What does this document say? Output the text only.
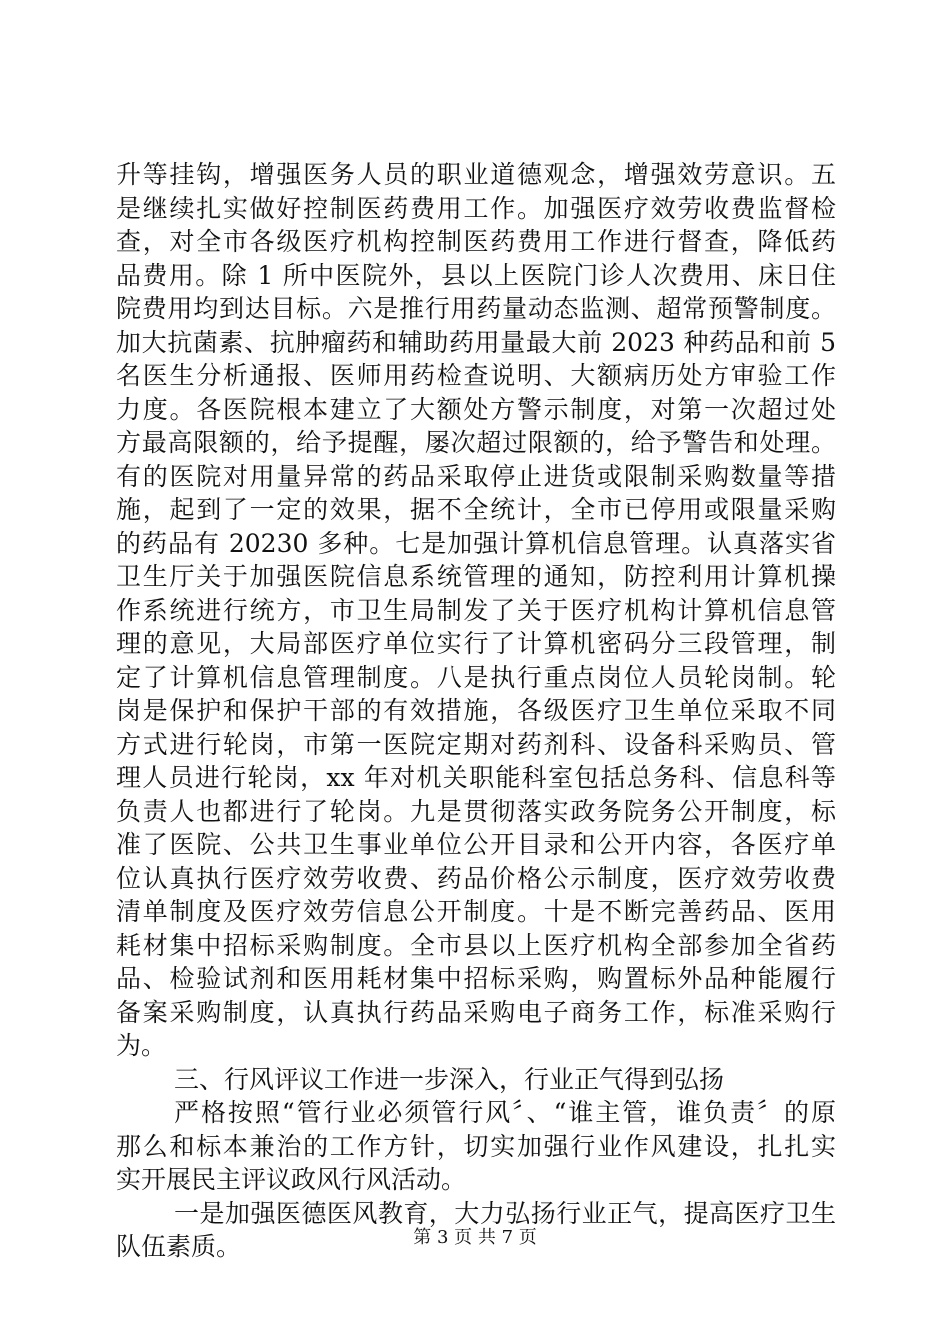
升等挂钩，增强医务人员的职业道德观念，增强效劳意识。五
是继续扎实做好控制医药费用工作。加强医疗效劳收费监督检
查，对全市各级医疗机构控制医药费用工作进行督查，降低药
品费用。除 1 所中医院外，县以上医院门诊人次费用、床日住
院费用均到达目标。六是推行用药量动态监测、超常预警制度。
加大抗菌素、抗肿瘤药和辅助药用量最大前 2023 种药品和前 5
名医生分析通报、医师用药检查说明、大额病历处方审验工作
力度。各医院根本建立了大额处方警示制度，对第一次超过处
方最高限额的，给予提醒，屡次超过限额的，给予警告和处理。
有的医院对用量异常的药品采取停止进货或限制采购数量等措
施，起到了一定的效果，据不全统计，全市已停用或限量采购
的药品有 20230 多种。七是加强计算机信息管理。认真落实省
卫生厅关于加强医院信息系统管理的通知，防控利用计算机操
作系统进行统方，市卫生局制发了关于医疗机构计算机信息管
理的意见，大局部医疗单位实行了计算机密码分三段管理，制
定了计算机信息管理制度。八是执行重点岗位人员轮岗制。轮
岗是保护和保护干部的有效措施，各级医疗卫生单位采取不同
方式进行轮岗，市第一医院定期对药剂科、设备科采购员、管
理人员进行轮岗，xx 年对机关职能科室包括总务科、信息科等
负责人也都进行了轮岗。九是贯彻落实政务院务公开制度，标
准了医院、公共卫生事业单位公开目录和公开内容，各医疗单
位认真执行医疗效劳收费、药品价格公示制度，医疗效劳收费
清单制度及医疗效劳信息公开制度。十是不断完善药品、医用
耗材集中招标采购制度。全市县以上医疗机构全部参加全省药
品、检验试剂和医用耗材集中招标采购，购置标外品种能履行
备案采购制度，认真执行药品采购电子商务工作，标准采购行
为。
三、行风评议工作进一步深入，行业正气得到弘扬
严格按照“管行业必须管行风〞、“谁主管，谁负责〞的原
那么和标本兼治的工作方针，切实加强行业作风建设，扎扎实
实开展民主评议政风行风活动。
一是加强医德医风教育，大力弘扬行业正气，提高医疗卫生
队伍素质。	第 3 页 共 7 页
